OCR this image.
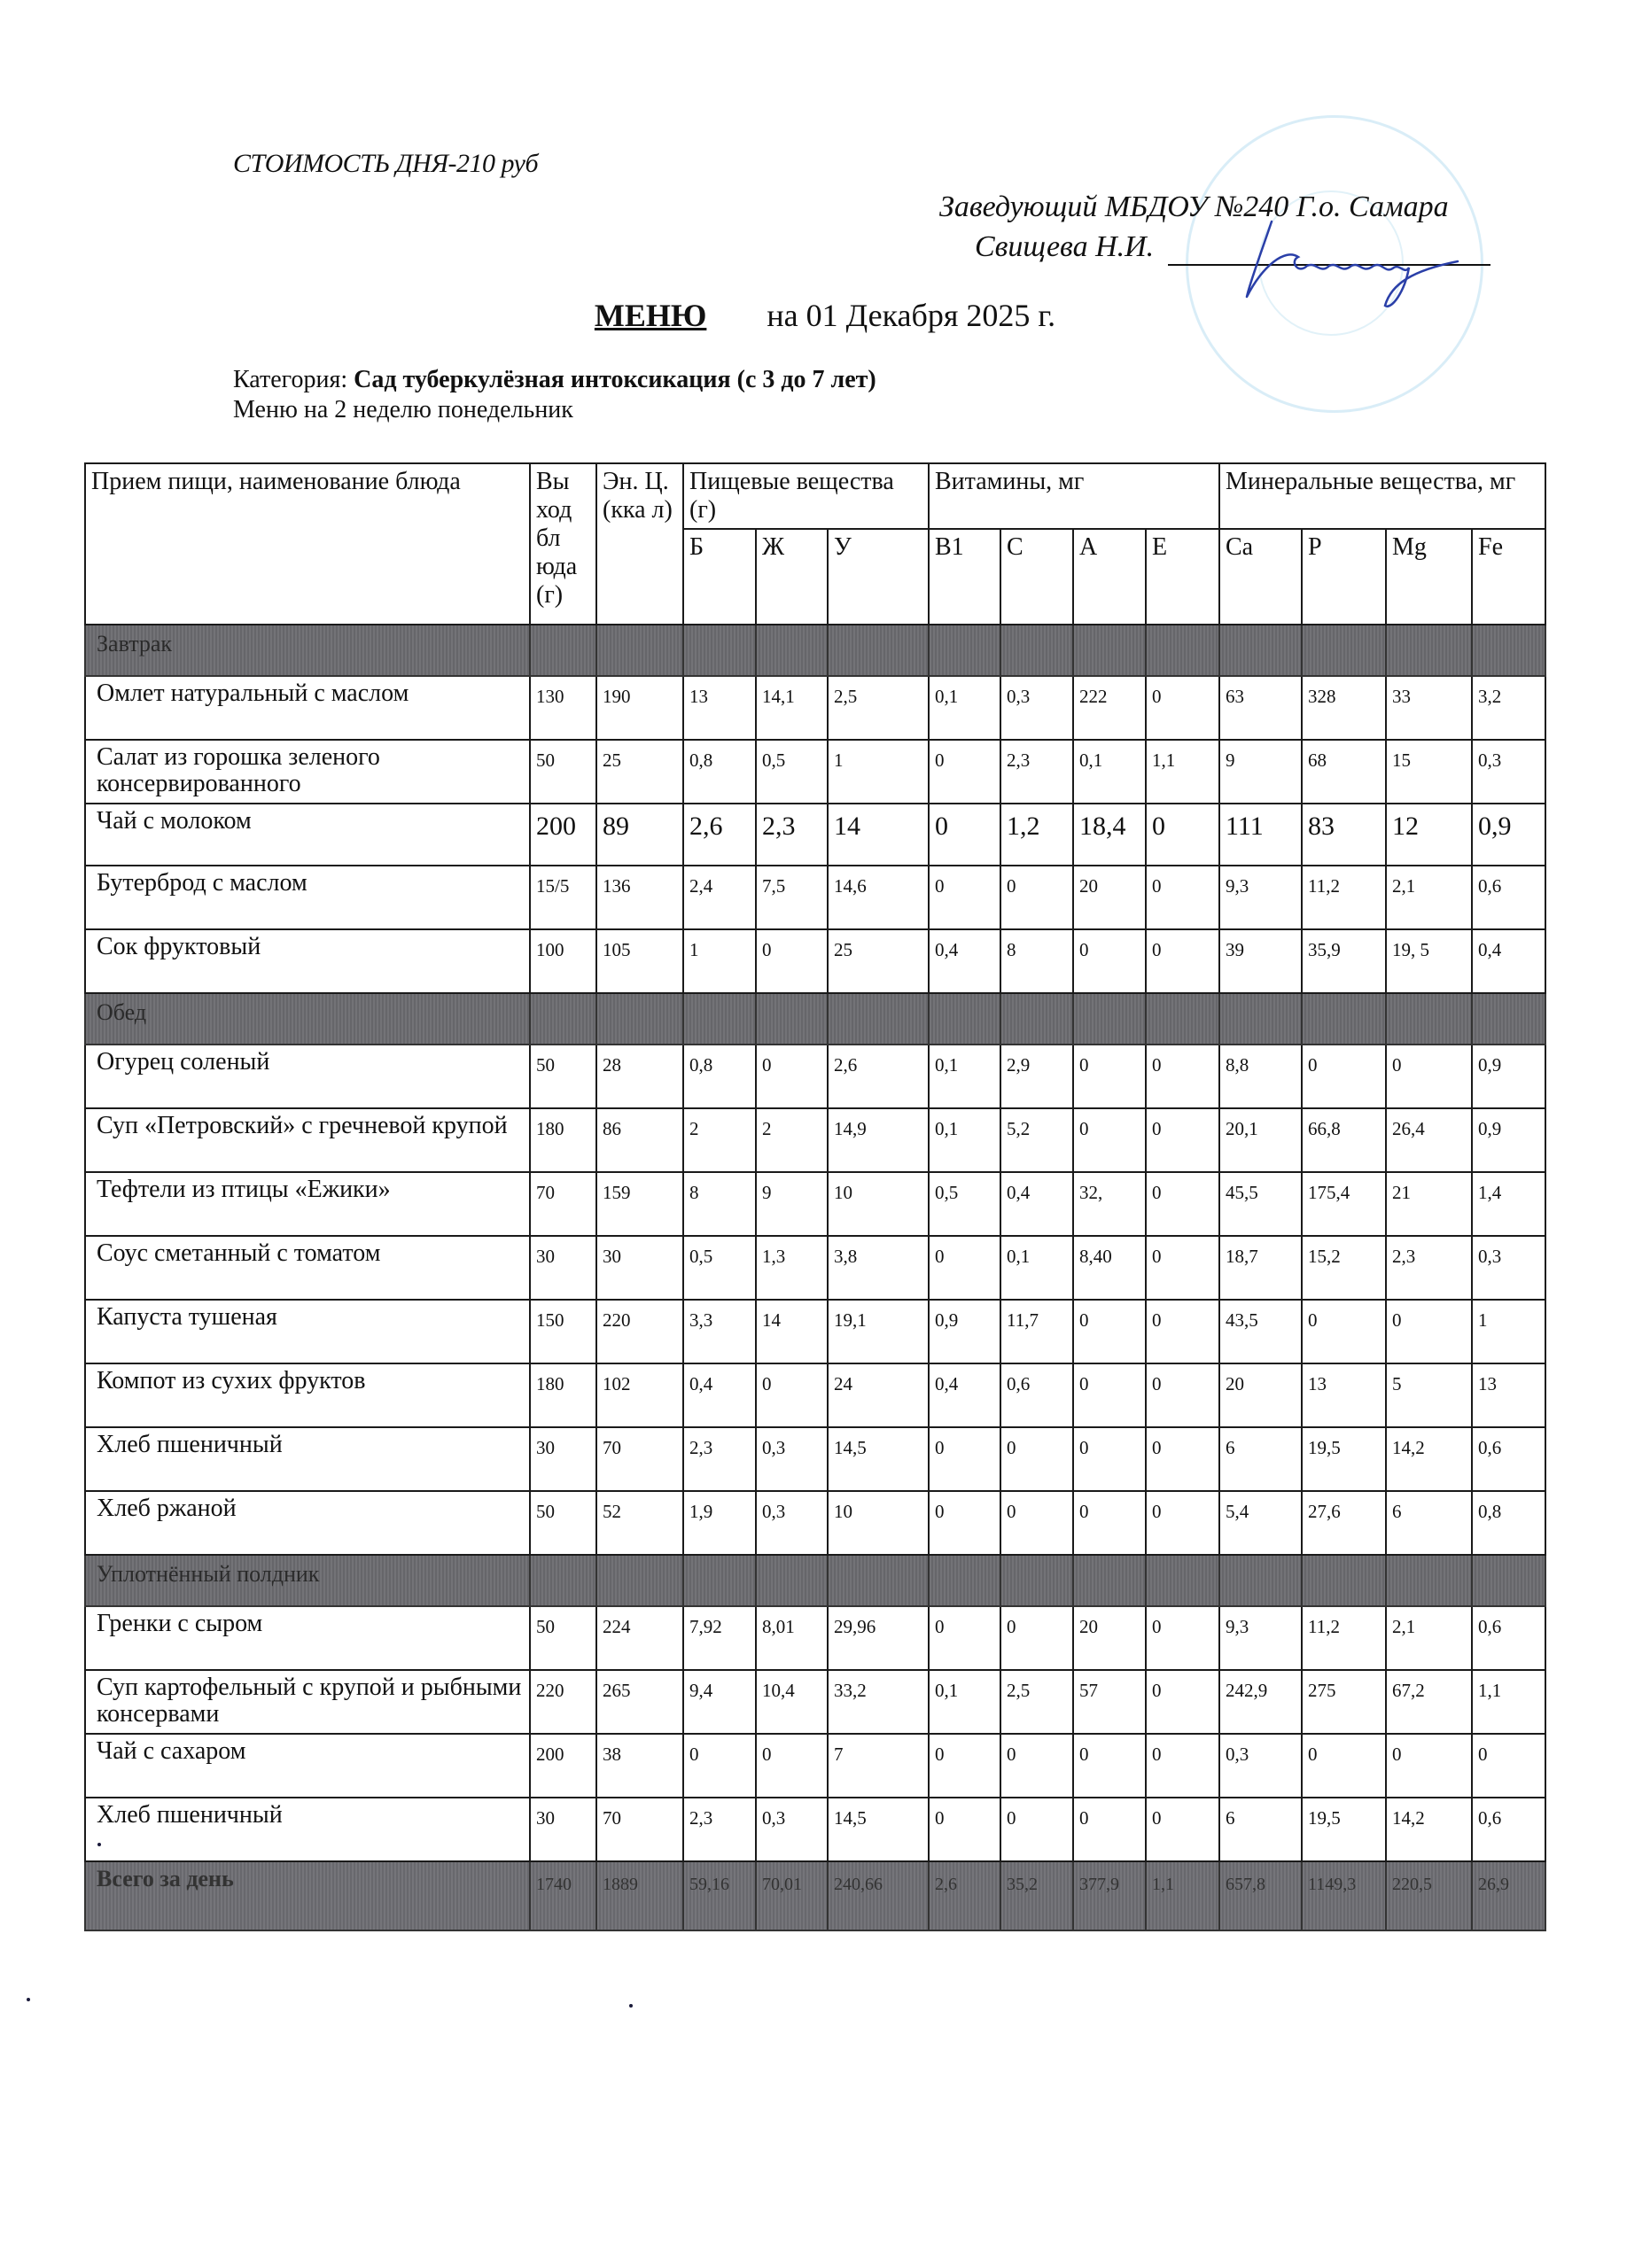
СТОИМОСТЬ ДНЯ-210 руб
Заведующий МБДОУ №240 Г.о. Самара
Свищева Н.И.
МЕНЮ на 01 Декабря 2025 г.
Категория: Сад туберкулёзная интоксикация (с 3 до 7 лет)
Меню на 2 неделю понедельник
Прием пищи, наименование блюда	Вы ход бл юда (г)	Эн. Ц. (кка л)	Пищевые вещества (г)			Витамины, мг				Минеральные вещества, мг			
			Б	Ж	У	В1	С	А	Е	Са	Р	Mg	Fe
Завтрак													
Омлет натуральный с маслом	130	190	13	14,1	2,5	0,1	0,3	222	0	63	328	33	3,2
Салат из горошка зеленого консервированного	50	25	0,8	0,5	1	0	2,3	0,1	1,1	9	68	15	0,3
Чай с молоком	200	89	2,6	2,3	14	0	1,2	18,4	0	111	83	12	0,9
Бутерброд с маслом	15/5	136	2,4	7,5	14,6	0	0	20	0	9,3	11,2	2,1	0,6
Сок фруктовый	100	105	1	0	25	0,4	8	0	0	39	35,9	19, 5	0,4
Обед													
Огурец соленый	50	28	0,8	0	2,6	0,1	2,9	0	0	8,8	0	0	0,9
Суп «Петровский» с гречневой крупой	180	86	2	2	14,9	0,1	5,2	0	0	20,1	66,8	26,4	0,9
Тефтели из птицы «Ежики»	70	159	8	9	10	0,5	0,4	32,	0	45,5	175,4	21	1,4
Соус сметанный с томатом	30	30	0,5	1,3	3,8	0	0,1	8,40	0	18,7	15,2	2,3	0,3
Капуста тушеная	150	220	3,3	14	19,1	0,9	11,7	0	0	43,5	0	0	1
Компот из сухих фруктов	180	102	0,4	0	24	0,4	0,6	0	0	20	13	5	13
Хлеб пшеничный	30	70	2,3	0,3	14,5	0	0	0	0	6	19,5	14,2	0,6
Хлеб ржаной	50	52	1,9	0,3	10	0	0	0	0	5,4	27,6	6	0,8
Уплотнённый полдник													
Гренки с сыром	50	224	7,92	8,01	29,96	0	0	20	0	9,3	11,2	2,1	0,6
Суп картофельный с крупой и рыбными консервами	220	265	9,4	10,4	33,2	0,1	2,5	57	0	242,9	275	67,2	1,1
Чай с сахаром	200	38	0	0	7	0	0	0	0	0,3	0	0	0
Хлеб пшеничный	30	70	2,3	0,3	14,5	0	0	0	0	6	19,5	14,2	0,6
Всего за день	1740	1889	59,16	70,01	240,66	2,6	35,2	377,9	1,1	657,8	1149,3	220,5	26,9
